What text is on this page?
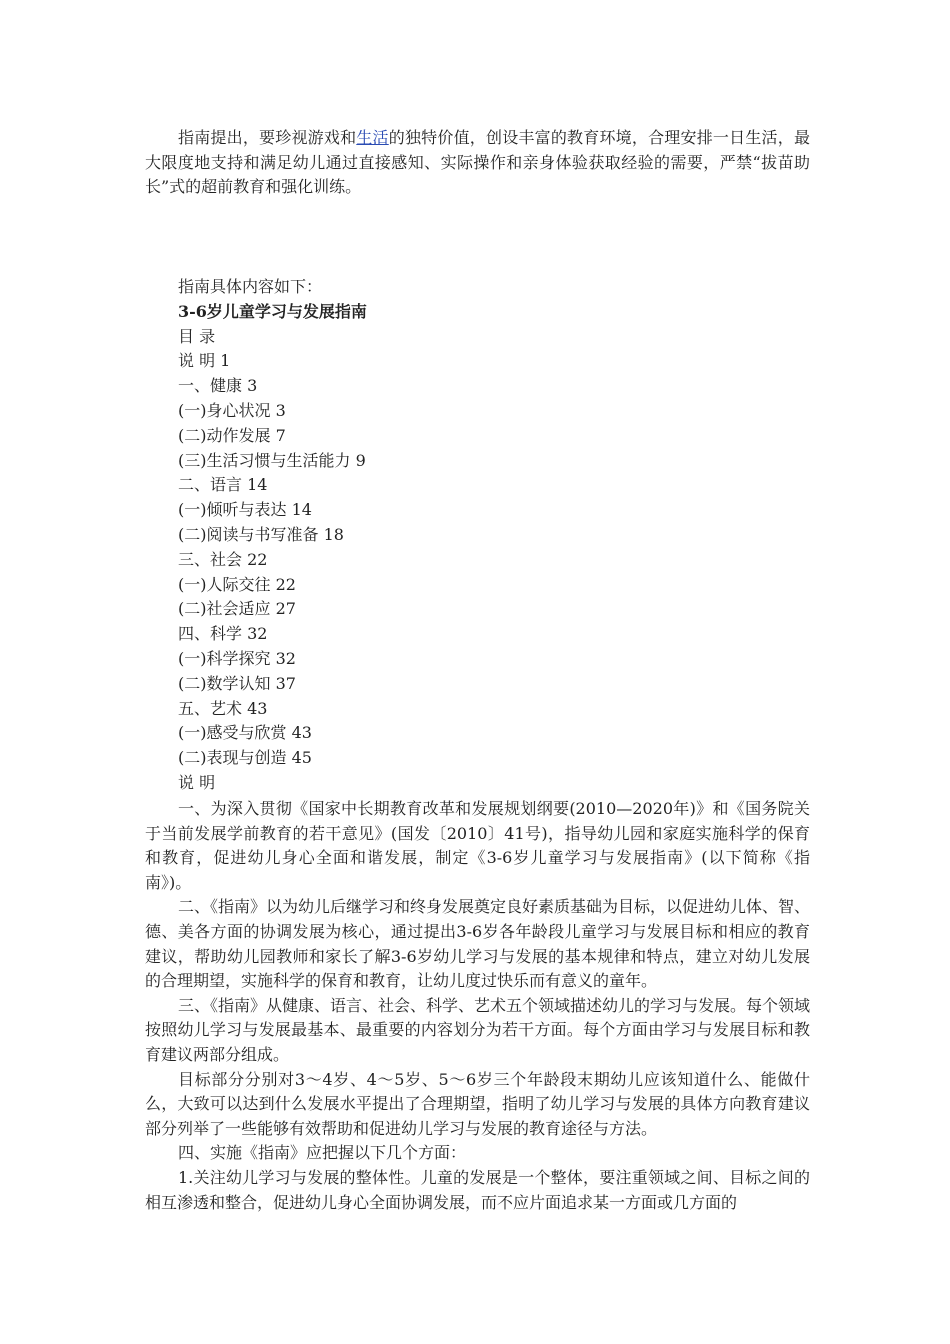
指南提出，要珍视游戏和生活的独特价值，创设丰富的教育环境，合理安排一日生活，最大限度地支持和满足幼儿通过直接感知、实际操作和亲身体验获取经验的需要，严禁“拔苗助长”式的超前教育和强化训练。

指南具体内容如下：

3-6岁儿童学习与发展指南

目 录

说 明 1

一、健康 3

(一)身心状况 3

(二)动作发展 7

(三)生活习惯与生活能力 9

二、语言 14

(一)倾听与表达 14

(二)阅读与书写准备 18

三、社会 22

(一)人际交往 22

(二)社会适应 27

四、科学 32

(一)科学探究 32

(二)数学认知 37

五、艺术 43

(一)感受与欣赏 43

(二)表现与创造 45

说 明

一、为深入贯彻《国家中长期教育改革和发展规划纲要(2010—2020年)》和《国务院关于当前发展学前教育的若干意见》(国发〔2010〕41号)，指导幼儿园和家庭实施科学的保育和教育，促进幼儿身心全面和谐发展，制定《3-6岁儿童学习与发展指南》(以下简称《指南》)。

二、《指南》以为幼儿后继学习和终身发展奠定良好素质基础为目标，以促进幼儿体、智、德、美各方面的协调发展为核心，通过提出3-6岁各年龄段儿童学习与发展目标和相应的教育建议，帮助幼儿园教师和家长了解3-6岁幼儿学习与发展的基本规律和特点，建立对幼儿发展的合理期望，实施科学的保育和教育，让幼儿度过快乐而有意义的童年。

三、《指南》从健康、语言、社会、科学、艺术五个领域描述幼儿的学习与发展。每个领域按照幼儿学习与发展最基本、最重要的内容划分为若干方面。每个方面由学习与发展目标和教育建议两部分组成。

目标部分分别对3～4岁、4～5岁、5～6岁三个年龄段末期幼儿应该知道什么、能做什么，大致可以达到什么发展水平提出了合理期望，指明了幼儿学习与发展的具体方向教育建议部分列举了一些能够有效帮助和促进幼儿学习与发展的教育途径与方法。

四、实施《指南》应把握以下几个方面：

1.关注幼儿学习与发展的整体性。儿童的发展是一个整体，要注重领域之间、目标之间的相互渗透和整合，促进幼儿身心全面协调发展，而不应片面追求某一方面或几方面的
